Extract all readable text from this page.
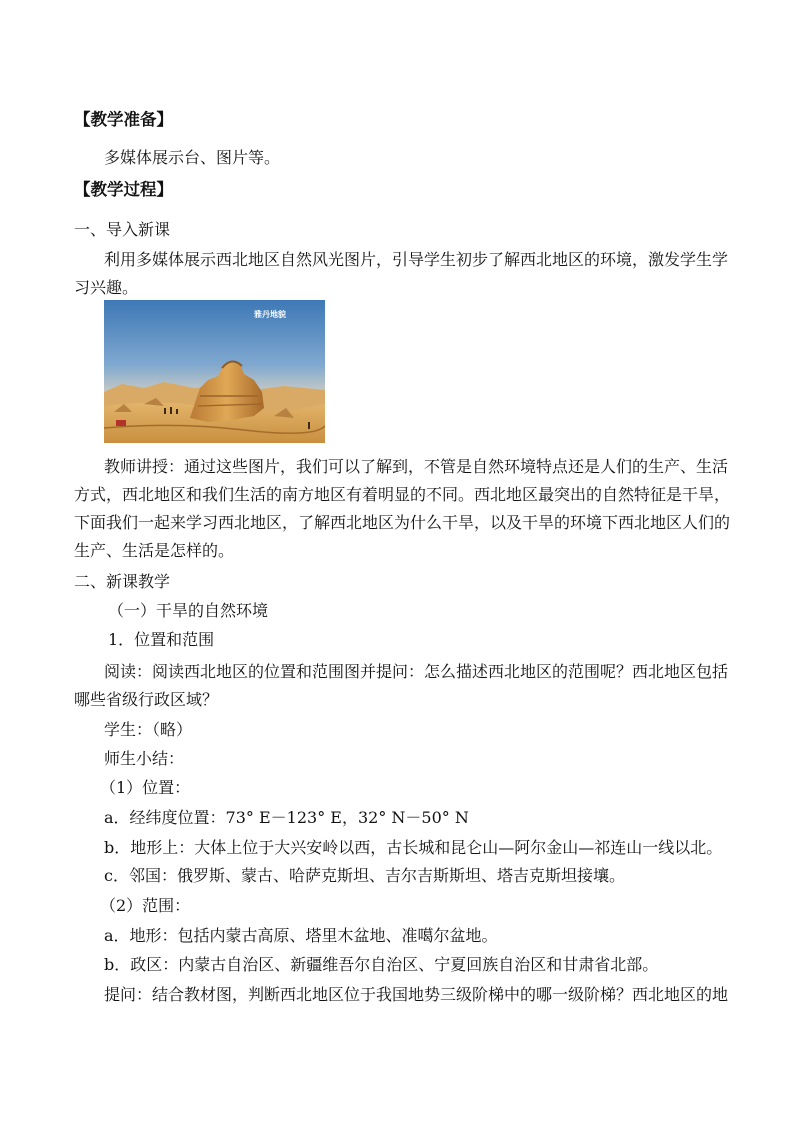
【教学准备】
多媒体展示台、图片等。
【教学过程】
一、导入新课
利用多媒体展示西北地区自然风光图片，引导学生初步了解西北地区的环境，激发学生学
习兴趣。
雅丹地貌
教师讲授：通过这些图片，我们可以了解到，不管是自然环境特点还是人们的生产、生活
方式，西北地区和我们生活的南方地区有着明显的不同。西北地区最突出的自然特征是干旱，
下面我们一起来学习西北地区，了解西北地区为什么干旱，以及干旱的环境下西北地区人们的
生产、生活是怎样的。
二、新课教学
（一）干旱的自然环境
1．位置和范围
阅读：阅读西北地区的位置和范围图并提问：怎么描述西北地区的范围呢？西北地区包括
哪些省级行政区域？
学生：（略）
师生小结：
（1）位置：
a．经纬度位置：73° E－123° E，32° N－50° N
b．地形上：大体上位于大兴安岭以西，古长城和昆仑山—阿尔金山—祁连山一线以北。
c．邻国：俄罗斯、蒙古、哈萨克斯坦、吉尔吉斯斯坦、塔吉克斯坦接壤。
（2）范围：
a．地形：包括内蒙古高原、塔里木盆地、准噶尔盆地。
b．政区：内蒙古自治区、新疆维吾尔自治区、宁夏回族自治区和甘肃省北部。
提问：结合教材图，判断西北地区位于我国地势三级阶梯中的哪一级阶梯？西北地区的地
